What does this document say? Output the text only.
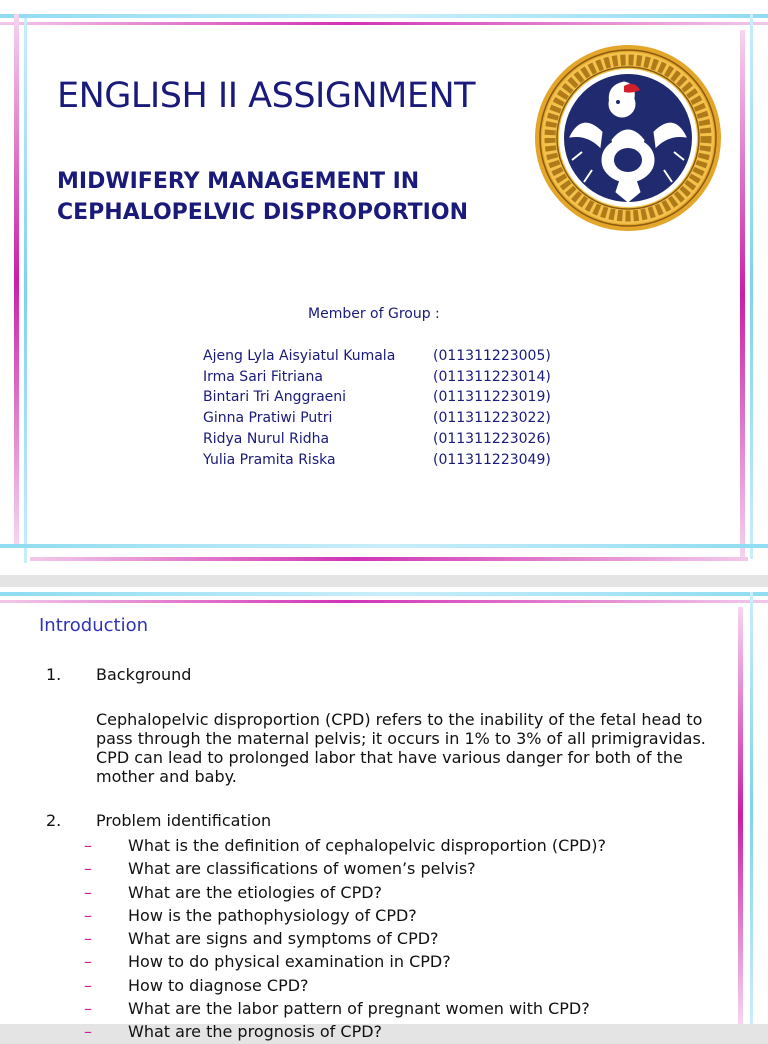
ENGLISH II ASSIGNMENT
MIDWIFERY MANAGEMENT IN
CEPHALOPELVIC DISPROPORTION
Member of Group :
Ajeng Lyla Aisyiatul Kumala	(011311223005)
Irma Sari Fitriana	(011311223014)
Bintari Tri Anggraeni	(011311223019)
Ginna Pratiwi Putri	(011311223022)
Ridya Nurul Ridha	(011311223026)
Yulia Pramita Riska	(011311223049)
Introduction
1.	Background
Cephalopelvic disproportion (CPD) refers to the inability of the fetal head to pass through the maternal pelvis; it occurs in 1% to 3% of all primigravidas. CPD can lead to prolonged labor that have various danger for both of the mother and baby.
2.	Problem identification
–	What is the definition of cephalopelvic disproportion (CPD)?
–	What are classifications of women’s pelvis?
–	What are the etiologies of CPD?
–	How is the pathophysiology of CPD?
–	What are signs and symptoms of CPD?
–	How to do physical examination in CPD?
–	How to diagnose CPD?
–	What are the labor pattern of pregnant women with CPD?
–	What are the prognosis of CPD?
